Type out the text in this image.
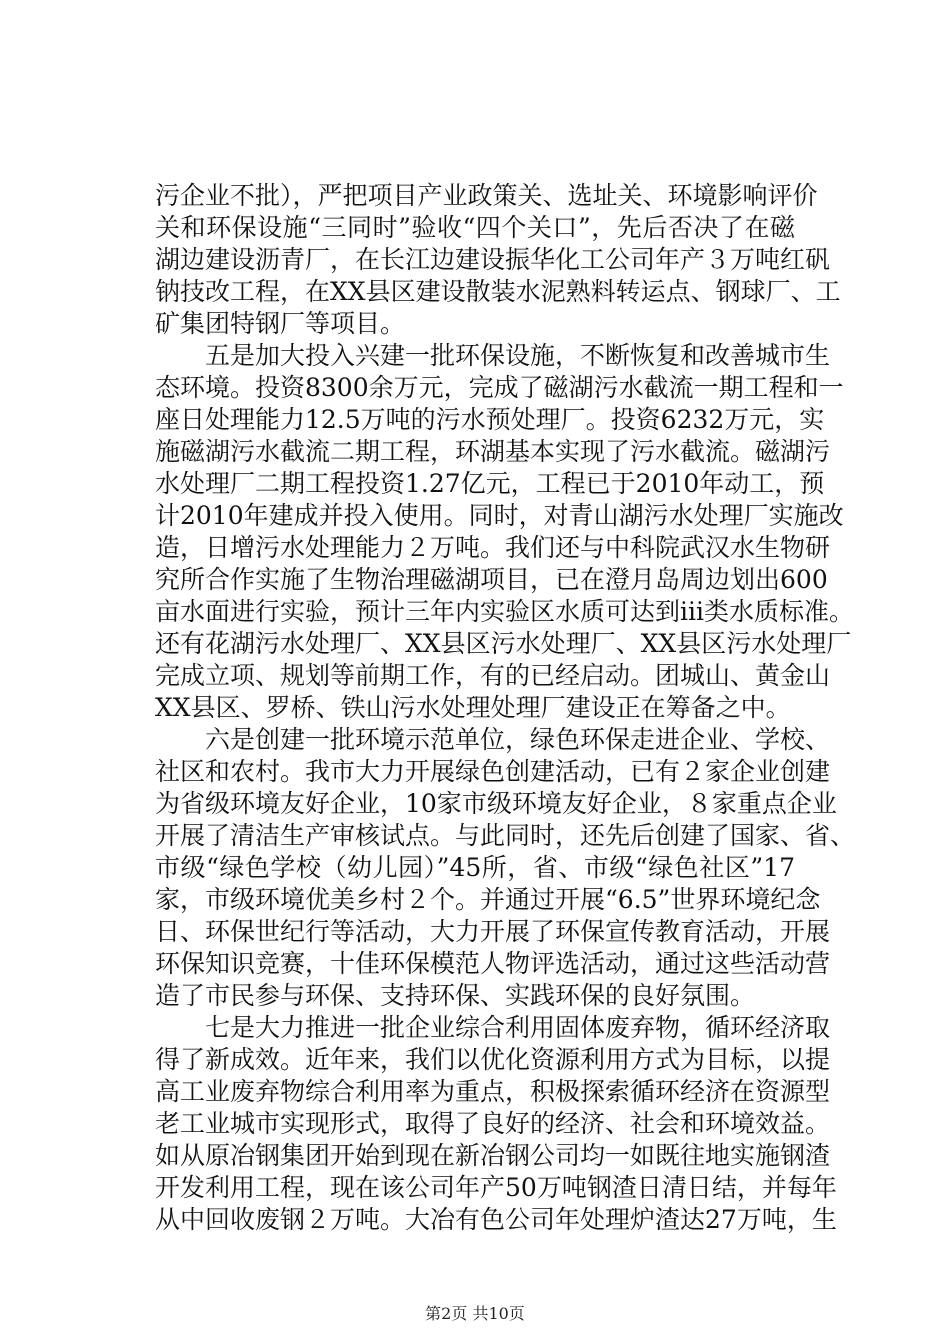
污企业不批），严把项目产业政策关、选址关、环境影响评价
关和环保设施“三同时”验收“四个关口”，先后否决了在磁
湖边建设沥青厂，在长江边建设振华化工公司年产３万吨红矾
钠技改工程，在XX县区建设散装水泥熟料转运点、钢球厂、工
矿集团特钢厂等项目。
　　五是加大投入兴建一批环保设施，不断恢复和改善城市生
态环境。投资8300余万元，完成了磁湖污水截流一期工程和一
座日处理能力12.5万吨的污水预处理厂。投资6232万元，实
施磁湖污水截流二期工程，环湖基本实现了污水截流。磁湖污
水处理厂二期工程投资1.27亿元，工程已于2010年动工，预
计2010年建成并投入使用。同时，对青山湖污水处理厂实施改
造，日增污水处理能力２万吨。我们还与中科院武汉水生物研
究所合作实施了生物治理磁湖项目，已在澄月岛周边划出600
亩水面进行实验，预计三年内实验区水质可达到iii类水质标准。
还有花湖污水处理厂、XX县区污水处理厂、XX县区污水处理厂
完成立项、规划等前期工作，有的已经启动。团城山、黄金山
XX县区、罗桥、铁山污水处理处理厂建设正在筹备之中。
　　六是创建一批环境示范单位，绿色环保走进企业、学校、
社区和农村。我市大力开展绿色创建活动，已有２家企业创建
为省级环境友好企业，10家市级环境友好企业，８家重点企业
开展了清洁生产审核试点。与此同时，还先后创建了国家、省、
市级“绿色学校（幼儿园）”45所，省、市级“绿色社区”17
家，市级环境优美乡村２个。并通过开展“6.5”世界环境纪念
日、环保世纪行等活动，大力开展了环保宣传教育活动，开展
环保知识竞赛，十佳环保模范人物评选活动，通过这些活动营
造了市民参与环保、支持环保、实践环保的良好氛围。
　　七是大力推进一批企业综合利用固体废弃物，循环经济取
得了新成效。近年来，我们以优化资源利用方式为目标，以提
高工业废弃物综合利用率为重点，积极探索循环经济在资源型
老工业城市实现形式，取得了良好的经济、社会和环境效益。
如从原冶钢集团开始到现在新冶钢公司均一如既往地实施钢渣
开发利用工程，现在该公司年产50万吨钢渣日清日结，并每年
从中回收废钢２万吨。大冶有色公司年处理炉渣达27万吨，生
第2页 共10页
